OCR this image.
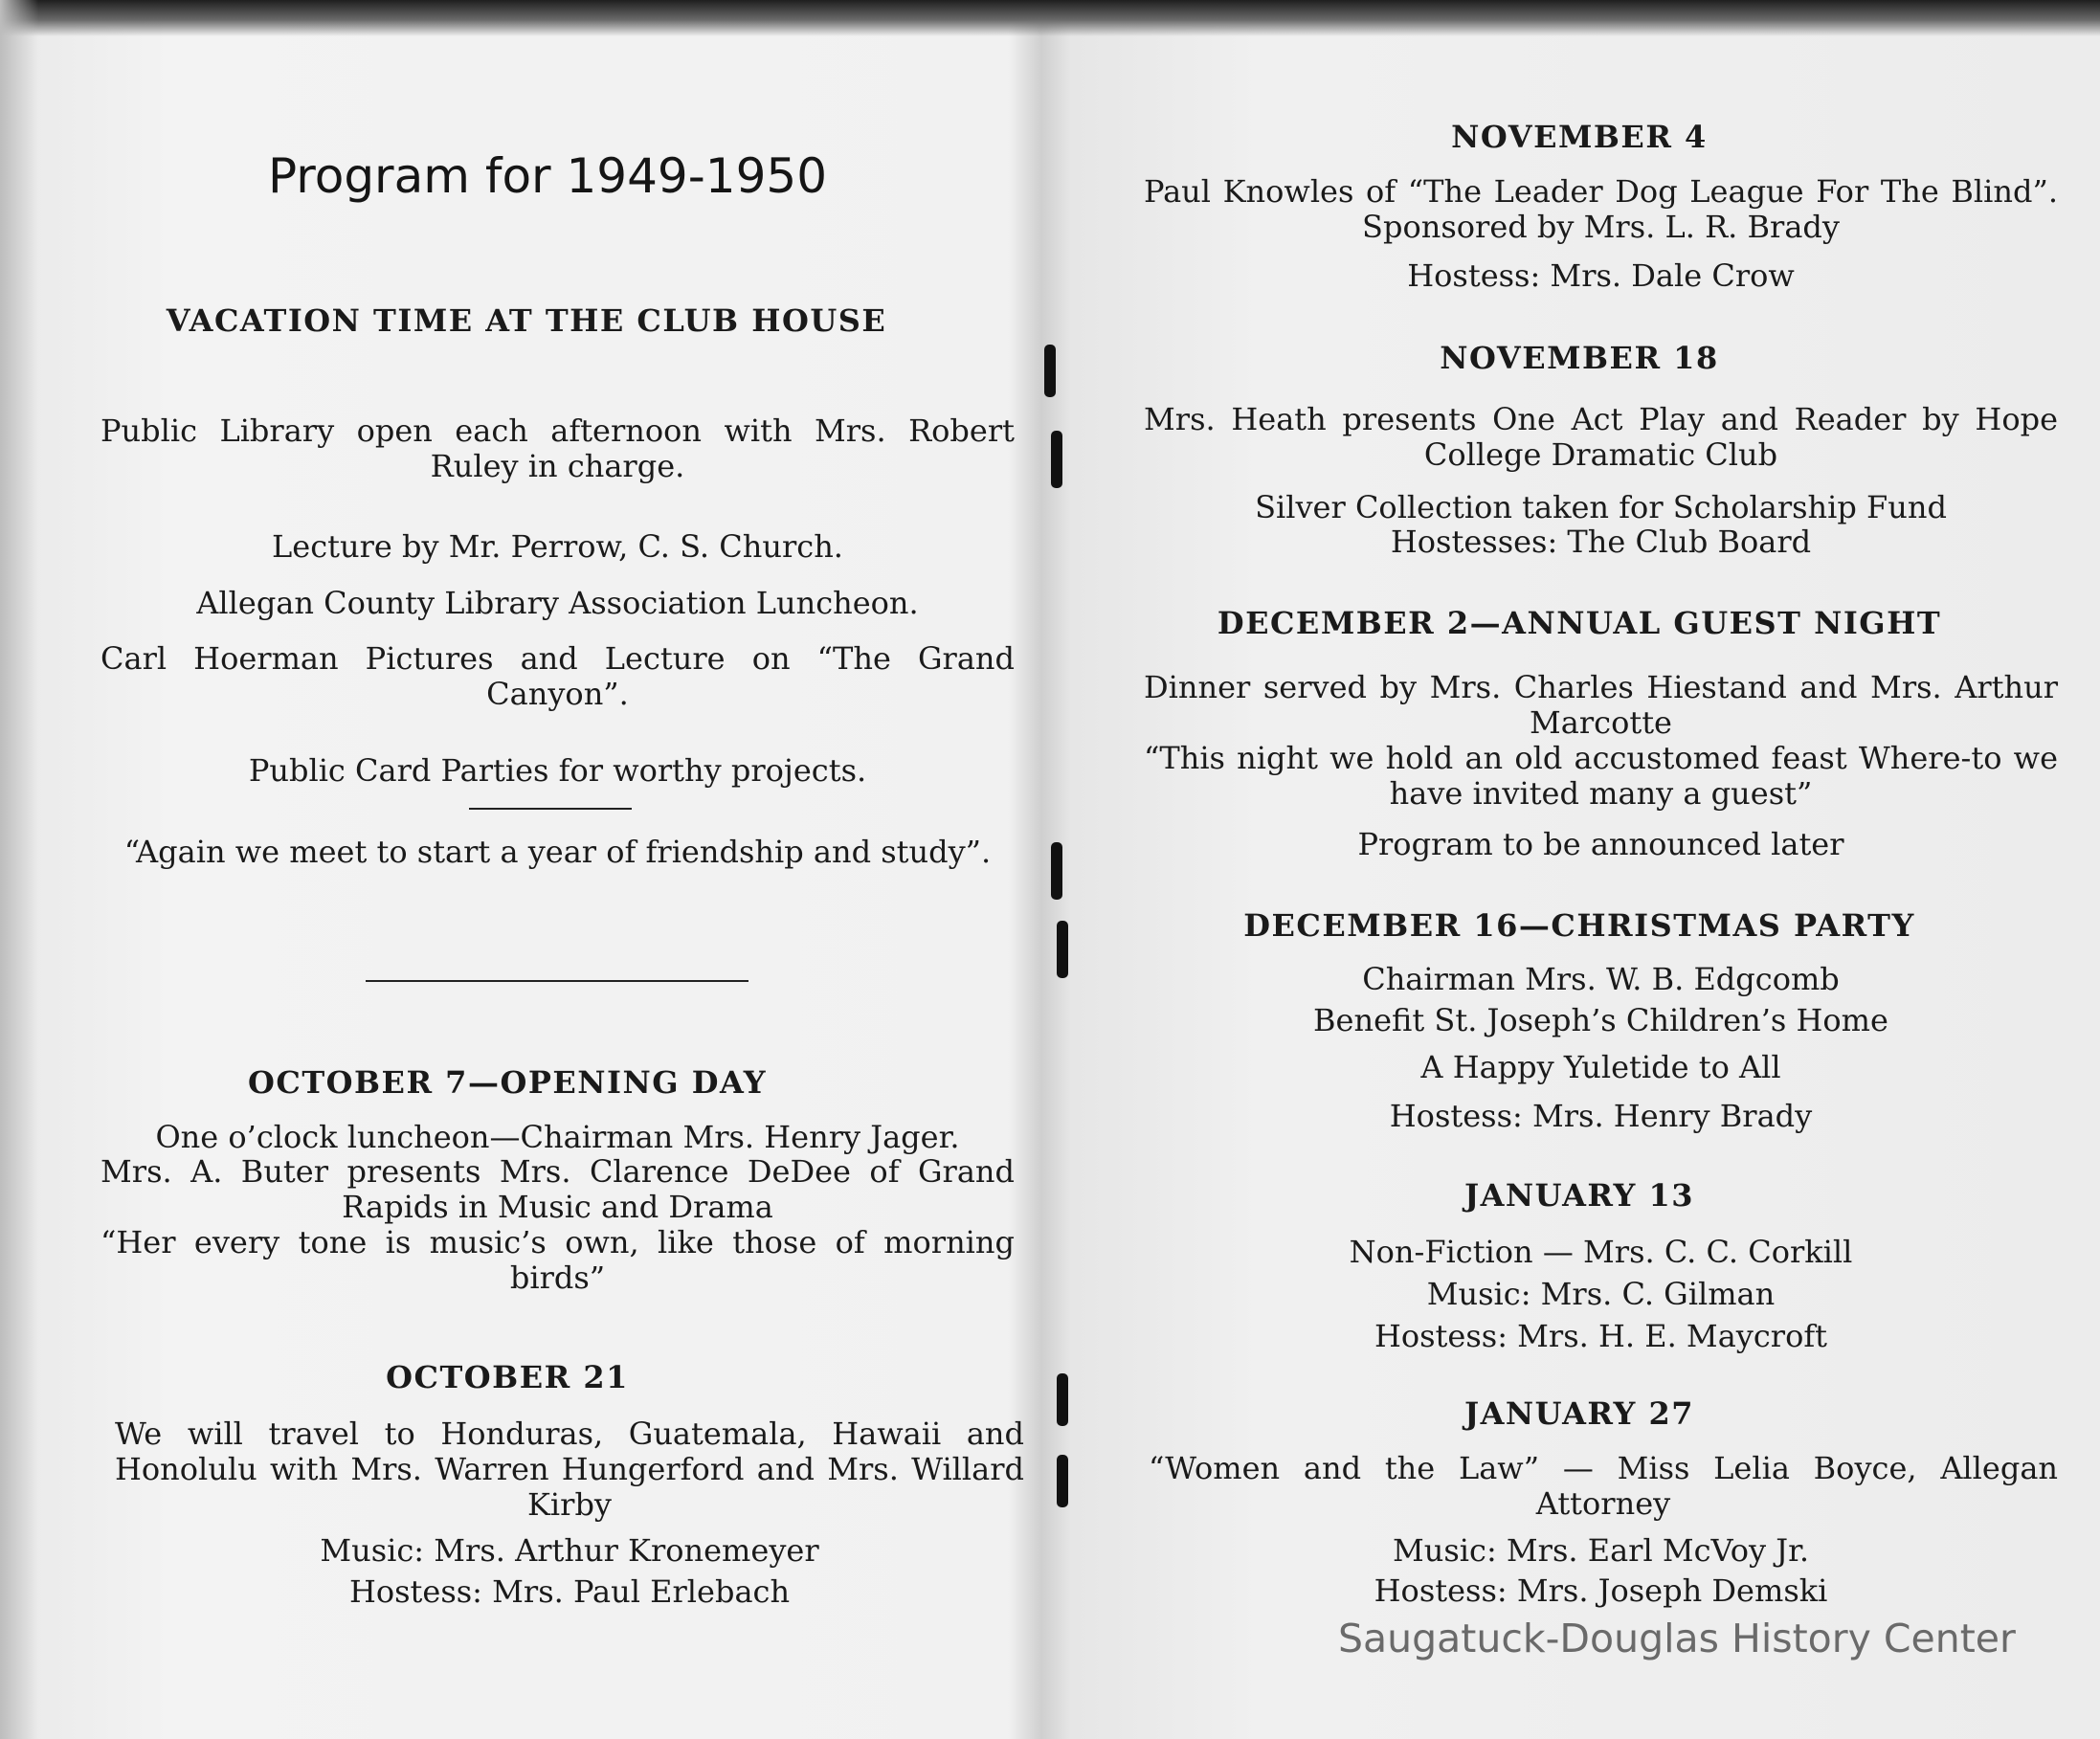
Program for 1949-1950
VACATION TIME AT THE CLUB HOUSE
Public Library open each afternoon with Mrs. Robert Ruley in charge.
Lecture by Mr. Perrow, C. S. Church.
Allegan County Library Association Luncheon.
Carl Hoerman Pictures and Lecture on “The Grand Canyon”.
Public Card Parties for worthy projects.
“Again we meet to start a year of friendship and study”.
OCTOBER 7—OPENING DAY
One o’clock luncheon—Chairman Mrs. Henry Jager.
Mrs. A. Buter presents Mrs. Clarence DeDee of Grand Rapids in Music and Drama
“Her every tone is music’s own, like those of morning birds”
OCTOBER 21
We will travel to Honduras, Guatemala, Hawaii and Honolulu with Mrs. Warren Hungerford and Mrs. Willard Kirby
Music: Mrs. Arthur Kronemeyer
Hostess: Mrs. Paul Erlebach
NOVEMBER 4
Paul Knowles of “The Leader Dog League For The Blind”. Sponsored by Mrs. L. R. Brady
Hostess: Mrs. Dale Crow
NOVEMBER 18
Mrs. Heath presents One Act Play and Reader by Hope College Dramatic Club
Silver Collection taken for Scholarship Fund
Hostesses: The Club Board
DECEMBER 2—ANNUAL GUEST NIGHT
Dinner served by Mrs. Charles Hiestand and Mrs. Arthur Marcotte
“This night we hold an old accustomed feast Where-to we have invited many a guest”
Program to be announced later
DECEMBER 16—CHRISTMAS PARTY
Chairman Mrs. W. B. Edgcomb
Benefit St. Joseph’s Children’s Home
A Happy Yuletide to All
Hostess: Mrs. Henry Brady
JANUARY 13
Non-Fiction — Mrs. C. C. Corkill
Music: Mrs. C. Gilman
Hostess: Mrs. H. E. Maycroft
JANUARY 27
“Women and the Law” — Miss Lelia Boyce, Allegan Attorney
Music: Mrs. Earl McVoy Jr.
Hostess: Mrs. Joseph Demski
Saugatuck-Douglas History Center
